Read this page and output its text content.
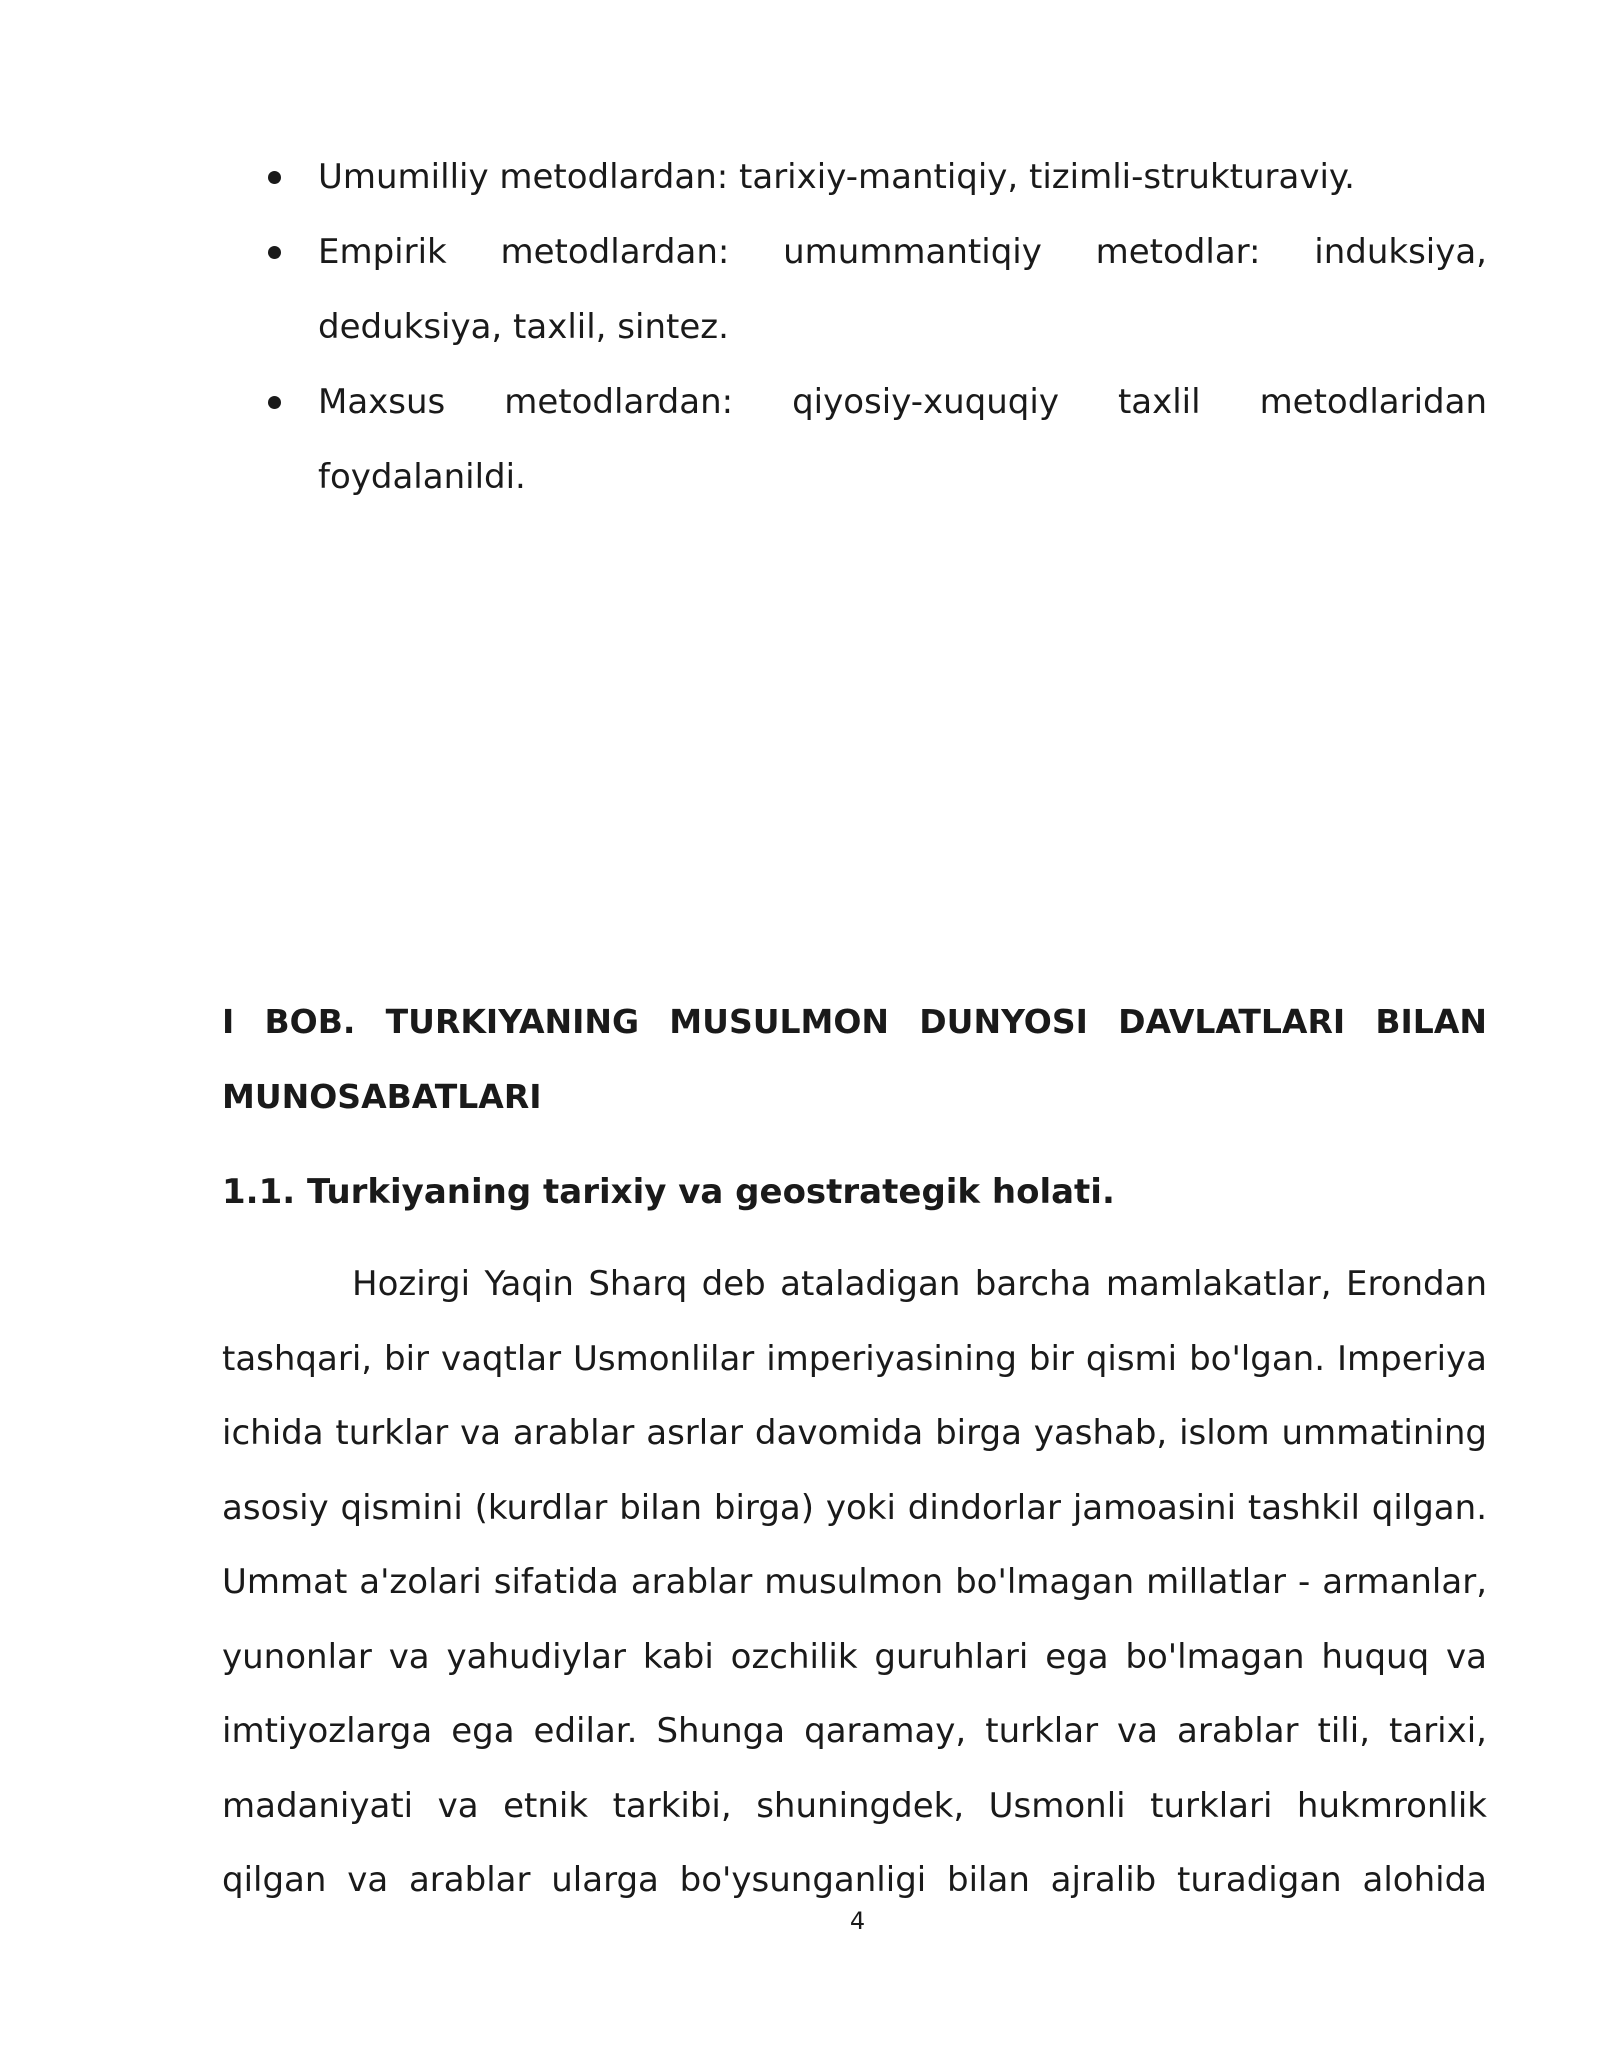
Umumilliy metodlardan: tarixiy-mantiqiy, tizimli-strukturaviy.
Empirik metodlardan: umummantiqiy metodlar: induksiya, deduksiya, taxlil, sintez.
Maxsus metodlardan: qiyosiy-xuquqiy taxlil metodlaridan foydalanildi.
I BOB. TURKIYANING MUSULMON DUNYOSI DAVLATLARI BILAN MUNOSABATLARI
1.1. Turkiyaning tarixiy va geostrategik holati.

Hozirgi Yaqin Sharq deb ataladigan barcha mamlakatlar, Erondan tashqari, bir vaqtlar Usmonlilar imperiyasining bir qismi bo'lgan. Imperiya ichida turklar va arablar asrlar davomida birga yashab, islom ummatining asosiy qismini (kurdlar bilan birga) yoki dindorlar jamoasini tashkil qilgan. Ummat a'zolari sifatida arablar musulmon bo'lmagan millatlar - armanlar, yunonlar va yahudiylar kabi ozchilik guruhlari ega bo'lmagan huquq va imtiyozlarga ega edilar. Shunga qaramay, turklar va arablar tili, tarixi, madaniyati va etnik tarkibi, shuningdek, Usmonli turklari hukmronlik qilgan va arablar ularga bo'ysunganligi bilan ajralib turadigan alohida

4
